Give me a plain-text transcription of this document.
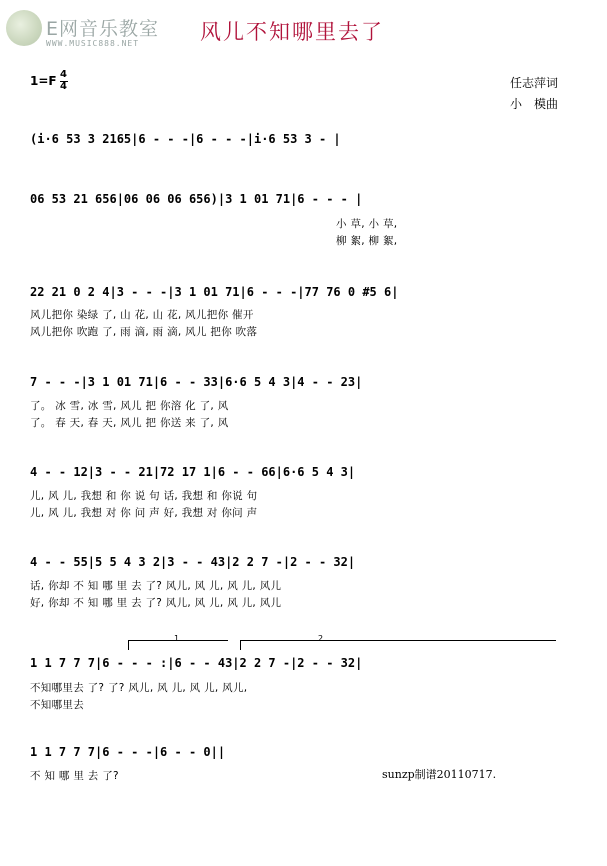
E网音乐教室
WWW.MUSIC888.NET	风儿不知哪里去了
1=F 4
4	任志萍词
小　模曲
(i·6 53 3 2165|6 - - -|6 - - -|i·6 53 3 - |
06 53 21 656|06 06 06 656)|3 1 01 71|6 - - - |
小 草, 小 草,
柳 絮, 柳 絮,
22 21 0 2 4|3 - - -|3 1 01 71|6 - - -|77 76 0 #5 6|
风儿把你 染绿 了, 山 花, 山 花, 风儿把你 催开
风儿把你 吹跑 了, 雨 滴, 雨 滴, 风儿 把你 吹落
7 - - -|3 1 01 71|6 - - 33|6·6 5 4 3|4 - - 23|
了。 冰 雪, 冰 雪, 风儿 把 你溶 化 了, 风
了。 春 天, 春 天, 风儿 把 你送 来 了, 风
4 - - 12|3 - - 21|72 17 1|6 - - 66|6·6 5 4 3|
儿, 风 儿, 我想 和 你 说 句 话, 我想 和 你说 句
儿, 风 儿, 我想 对 你 问 声 好, 我想 对 你问 声
4 - - 55|5 5 4 3 2|3 - - 43|2 2 7 -|2 - - 32|
话, 你却 不 知 哪 里 去 了? 风儿, 风 儿, 风 儿, 风儿
好, 你却 不 知 哪 里 去 了? 风儿, 风 儿, 风 儿, 风儿
1	2
1 1 7 7 7|6 - - - :|6 - - 43|2 2 7 -|2 - - 32|
不知哪里去 了? 了? 风儿, 风 儿, 风 儿, 风儿,
不知哪里去
1 1 7 7 7|6 - - -|6 - - 0||
不 知 哪 里 去 了?	sunzp制谱20110717.
